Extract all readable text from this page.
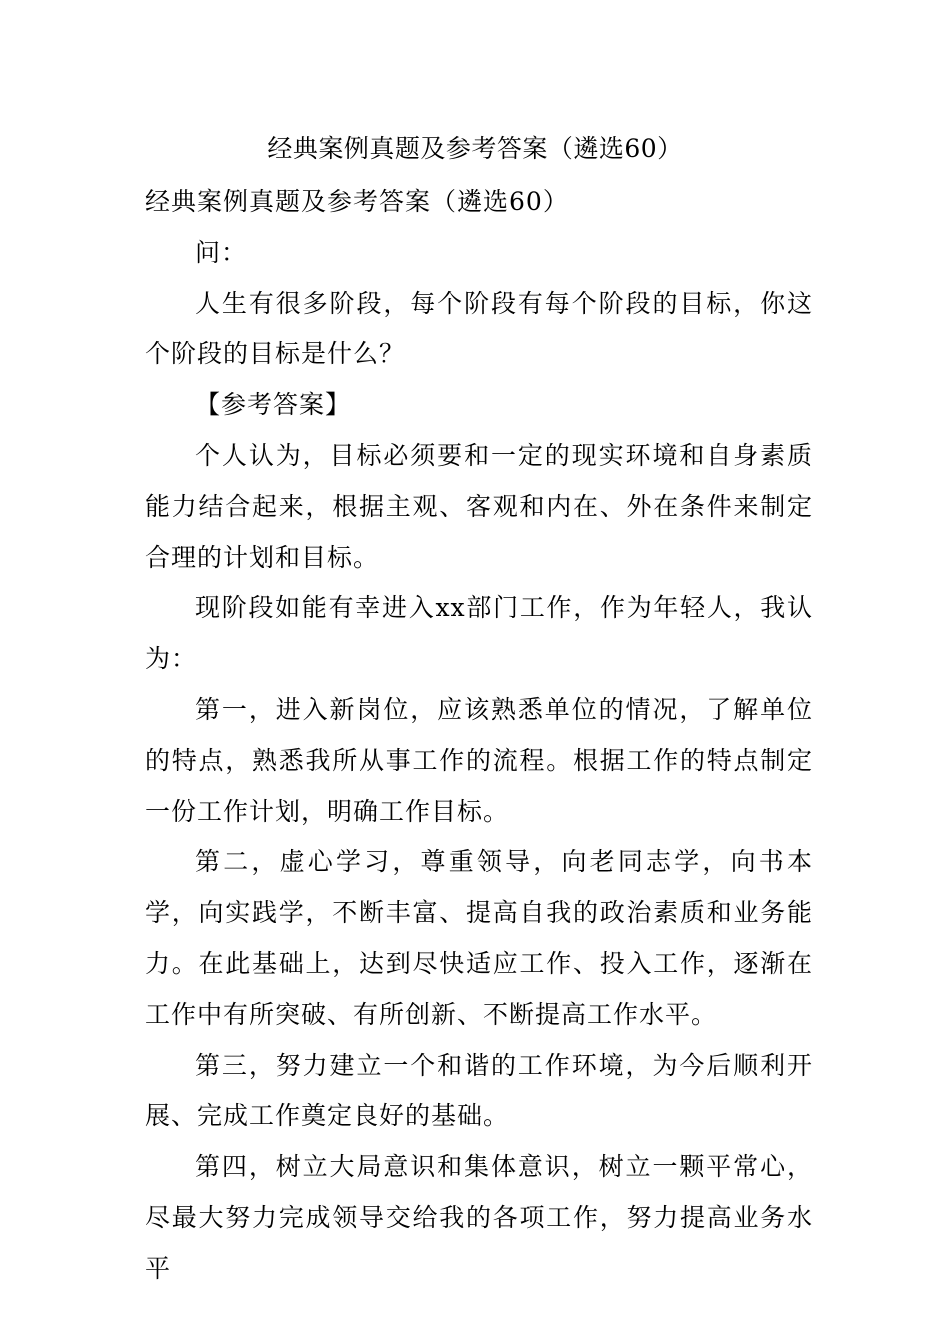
经典案例真题及参考答案（遴选60）

经典案例真题及参考答案（遴选60）

问：

人生有很多阶段，每个阶段有每个阶段的目标，你这个阶段的目标是什么？

【参考答案】

个人认为，目标必须要和一定的现实环境和自身素质能力结合起来，根据主观、客观和内在、外在条件来制定合理的计划和目标。

现阶段如能有幸进入xx部门工作，作为年轻人，我认为：

第一，进入新岗位，应该熟悉单位的情况，了解单位的特点，熟悉我所从事工作的流程。根据工作的特点制定一份工作计划，明确工作目标。

第二，虚心学习，尊重领导，向老同志学，向书本学，向实践学，不断丰富、提高自我的政治素质和业务能力。在此基础上，达到尽快适应工作、投入工作，逐渐在工作中有所突破、有所创新、不断提高工作水平。

第三，努力建立一个和谐的工作环境，为今后顺利开展、完成工作奠定良好的基础。

第四，树立大局意识和集体意识，树立一颗平常心，尽最大努力完成领导交给我的各项工作，努力提高业务水平
